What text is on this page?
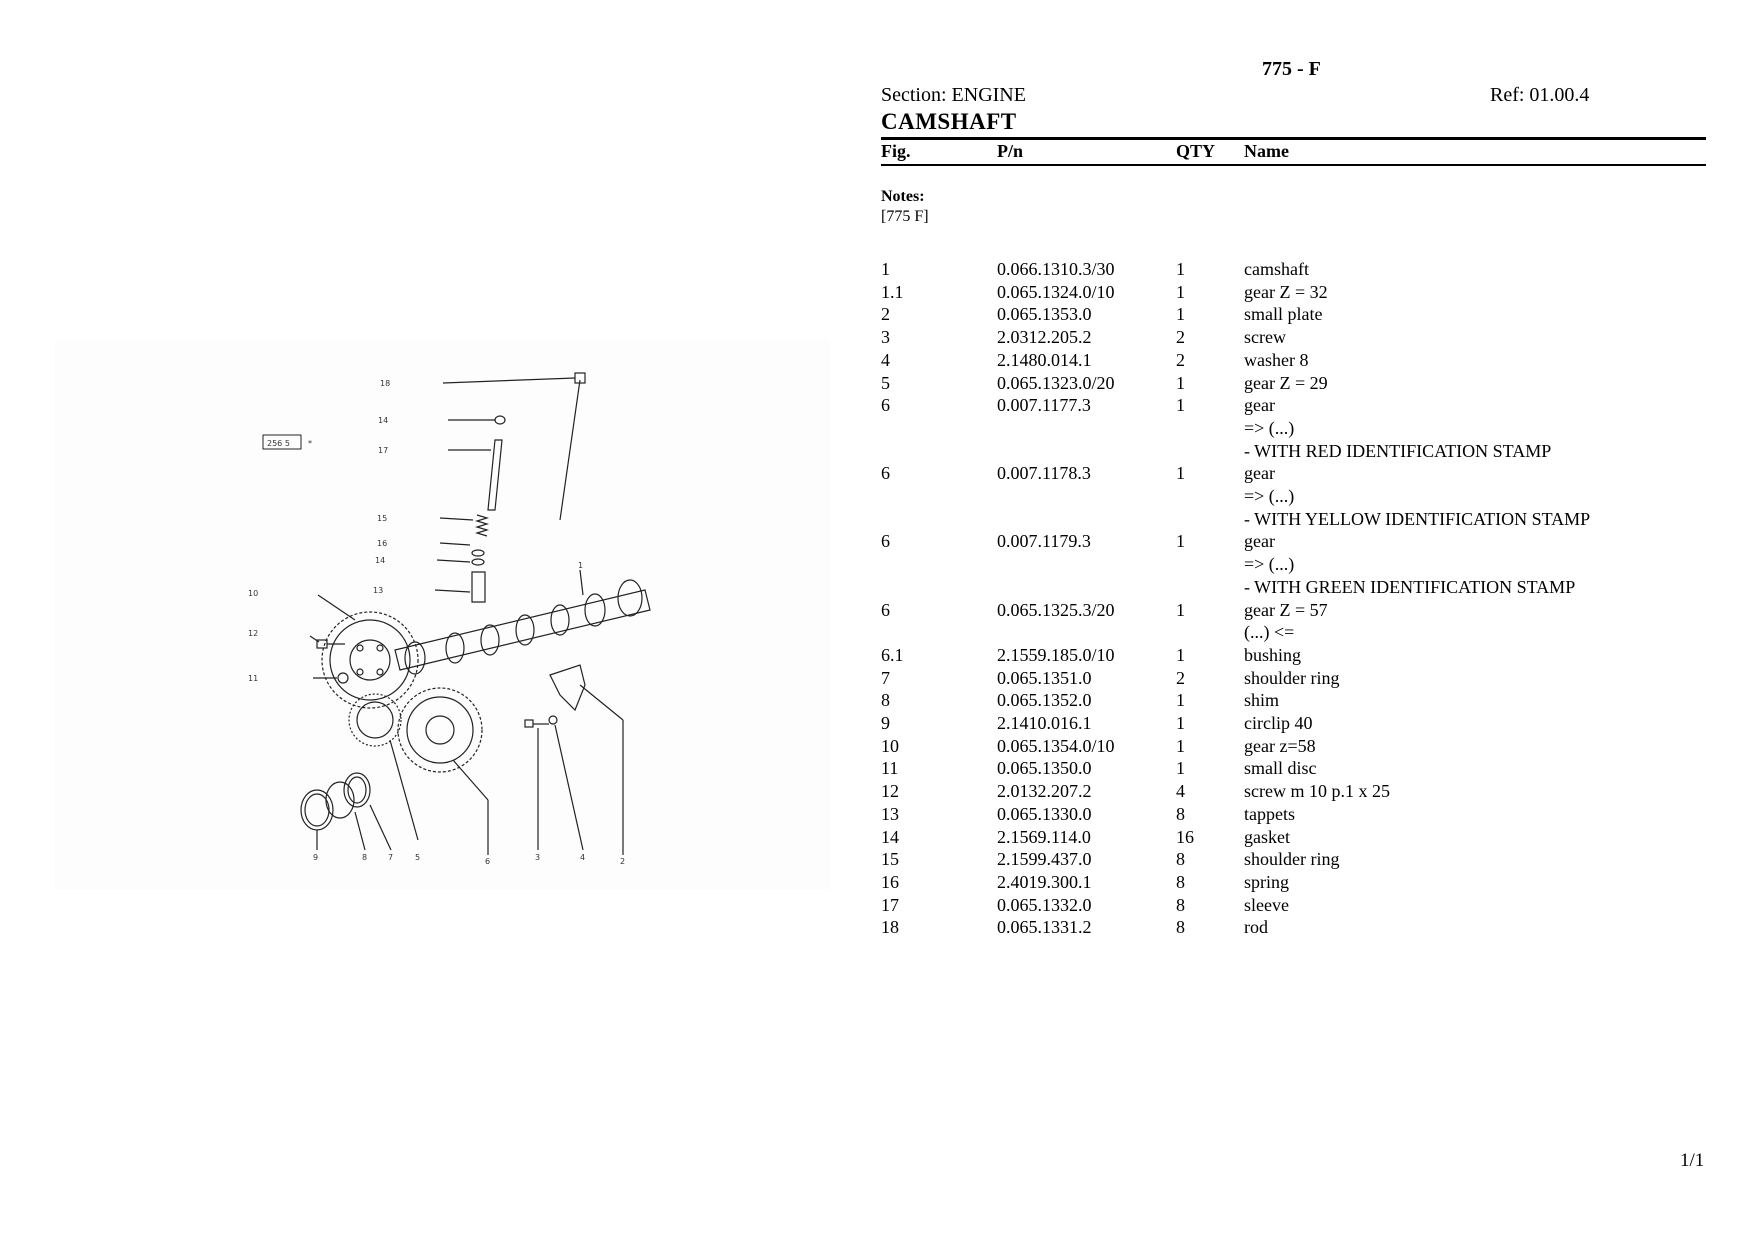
256 5 *
18
14
17
15
16
14
13
1
10
12
11
9	8	7	5	6	3	4	2
775 - F
Section: ENGINE	Ref: 01.00.4
CAMSHAFT
Fig.	P/n	QTY Name
Notes:
[775 F]
1	0.066.1310.3/30	1	camshaft
1.1	0.065.1324.0/10	1	gear Z = 32
2	0.065.1353.0	1	small plate
3	2.0312.205.2	2	screw
4	2.1480.014.1	2	washer 8
5	0.065.1323.0/20	1	gear Z = 29
6	0.007.1177.3	1	gear
=> (...)
- WITH RED IDENTIFICATION STAMP
6	0.007.1178.3	1	gear
=> (...)
- WITH YELLOW IDENTIFICATION STAMP
6	0.007.1179.3	1	gear
=> (...)
- WITH GREEN IDENTIFICATION STAMP
6	0.065.1325.3/20	1	gear Z = 57
(...) <=
6.1	2.1559.185.0/10	1	bushing
7	0.065.1351.0	2	shoulder ring
8	0.065.1352.0	1	shim
9	2.1410.016.1	1	circlip 40
10	0.065.1354.0/10	1	gear z=58
11	0.065.1350.0	1	small disc
12	2.0132.207.2	4	screw m 10 p.1 x 25
13	0.065.1330.0	8	tappets
14	2.1569.114.0	16	gasket
15	2.1599.437.0	8	shoulder ring
16	2.4019.300.1	8	spring
17	0.065.1332.0	8	sleeve
18	0.065.1331.2	8	rod
1/1
